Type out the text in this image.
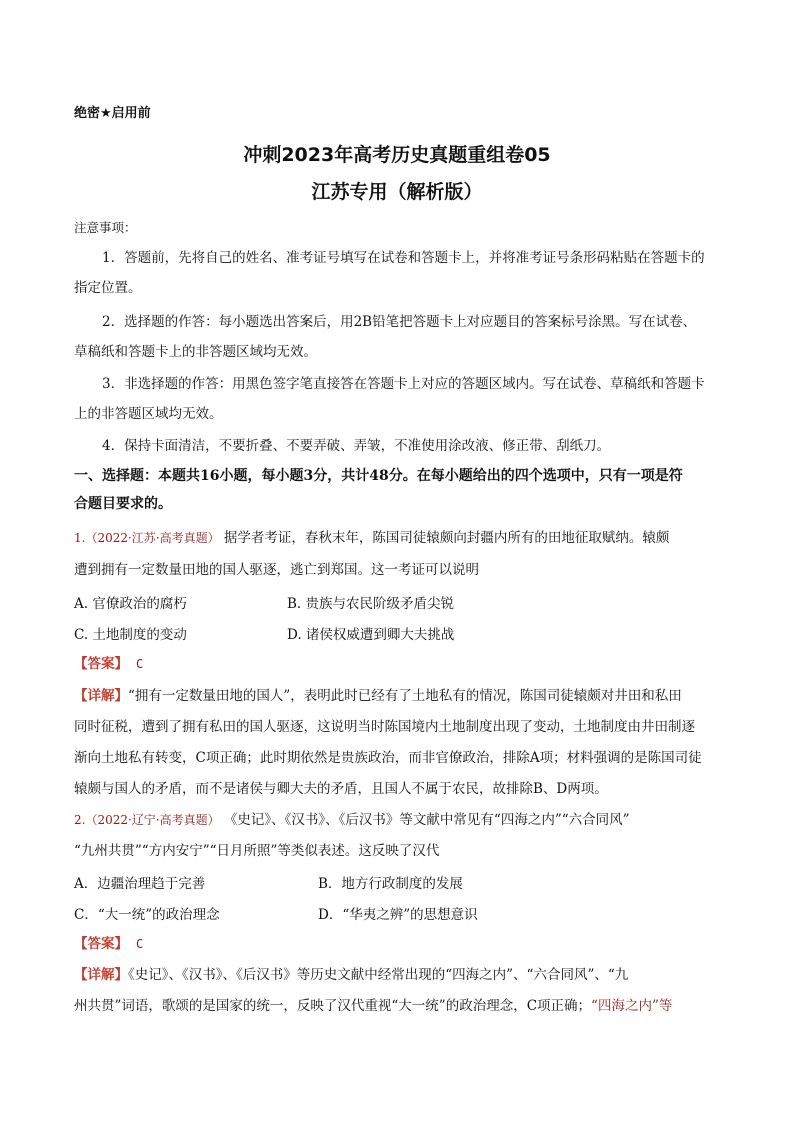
绝密★启用前
冲刺2023年高考历史真题重组卷05
江苏专用（解析版）
注意事项：
1．答题前，先将自己的姓名、准考证号填写在试卷和答题卡上，并将准考证号条形码粘贴在答题卡的
指定位置。
2．选择题的作答：每小题选出答案后，用2B铅笔把答题卡上对应题目的答案标号涂黑。写在试卷、
草稿纸和答题卡上的非答题区域均无效。
3．非选择题的作答：用黑色签字笔直接答在答题卡上对应的答题区域内。写在试卷、草稿纸和答题卡
上的非答题区域均无效。
4．保持卡面清洁，不要折叠、不要弄破、弄皱，不准使用涂改液、修正带、刮纸刀。
一、选择题：本题共16小题，每小题3分，共计48分。在每小题给出的四个选项中，只有一项是符
合题目要求的。
1.（2022·江苏·高考真题） 据学者考证，春秋末年，陈国司徒辕颇向封疆内所有的田地征取赋纳。辕颇
遭到拥有一定数量田地的国人驱逐，逃亡到郑国。这一考证可以说明
A. 官僚政治的腐朽	B. 贵族与农民阶级矛盾尖锐
C. 土地制度的变动	D. 诸侯权威遭到卿大夫挑战
【答案】 C
【详解】“拥有一定数量田地的国人”，表明此时已经有了土地私有的情况，陈国司徒辕颇对井田和私田
同时征税，遭到了拥有私田的国人驱逐，这说明当时陈国境内土地制度出现了变动，土地制度由井田制逐
渐向土地私有转变，C项正确；此时期依然是贵族政治，而非官僚政治，排除A项；材料强调的是陈国司徒
辕颇与国人的矛盾，而不是诸侯与卿大夫的矛盾，且国人不属于农民，故排除B、D两项。
2.（2022·辽宁·高考真题） 《史记》、《汉书》、《后汉书》等文献中常见有“四海之内”“六合同风”
“九州共贯”“方内安宁”“日月所照”等类似表述。这反映了汉代
A．边疆治理趋于完善	B．地方行政制度的发展
C．“大一统”的政治理念	D．“华夷之辨”的思想意识
【答案】 C
【详解】《史记》、《汉书》、《后汉书》等历史文献中经常出现的“四海之内”、“六合同风”、“九
州共贯”词语，歌颂的是国家的统一，反映了汉代重视“大一统”的政治理念，C项正确；“四海之内”等
